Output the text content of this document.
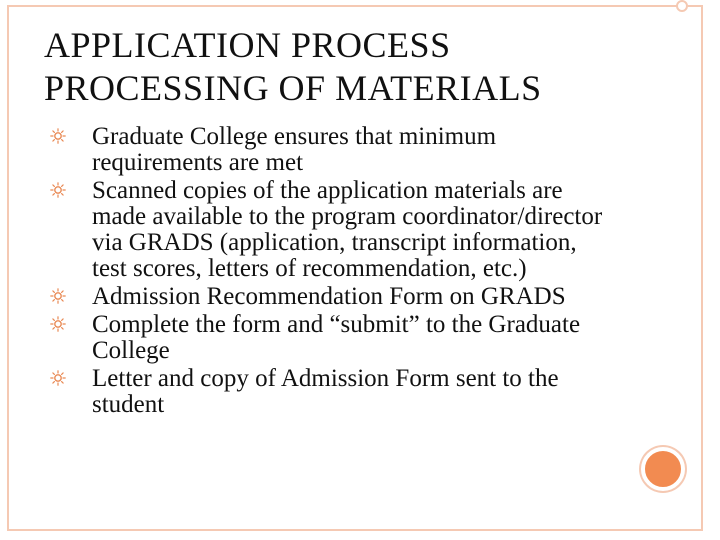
APPLICATION PROCESS
PROCESSING OF MATERIALS
Graduate College ensures that minimum requirements are met
Scanned copies of the application materials are made available to the program coordinator/director via GRADS (application, transcript information, test scores, letters of recommendation, etc.)
Admission Recommendation Form on GRADS
Complete the form and “submit” to the Graduate College
Letter and copy of Admission Form sent to the student
